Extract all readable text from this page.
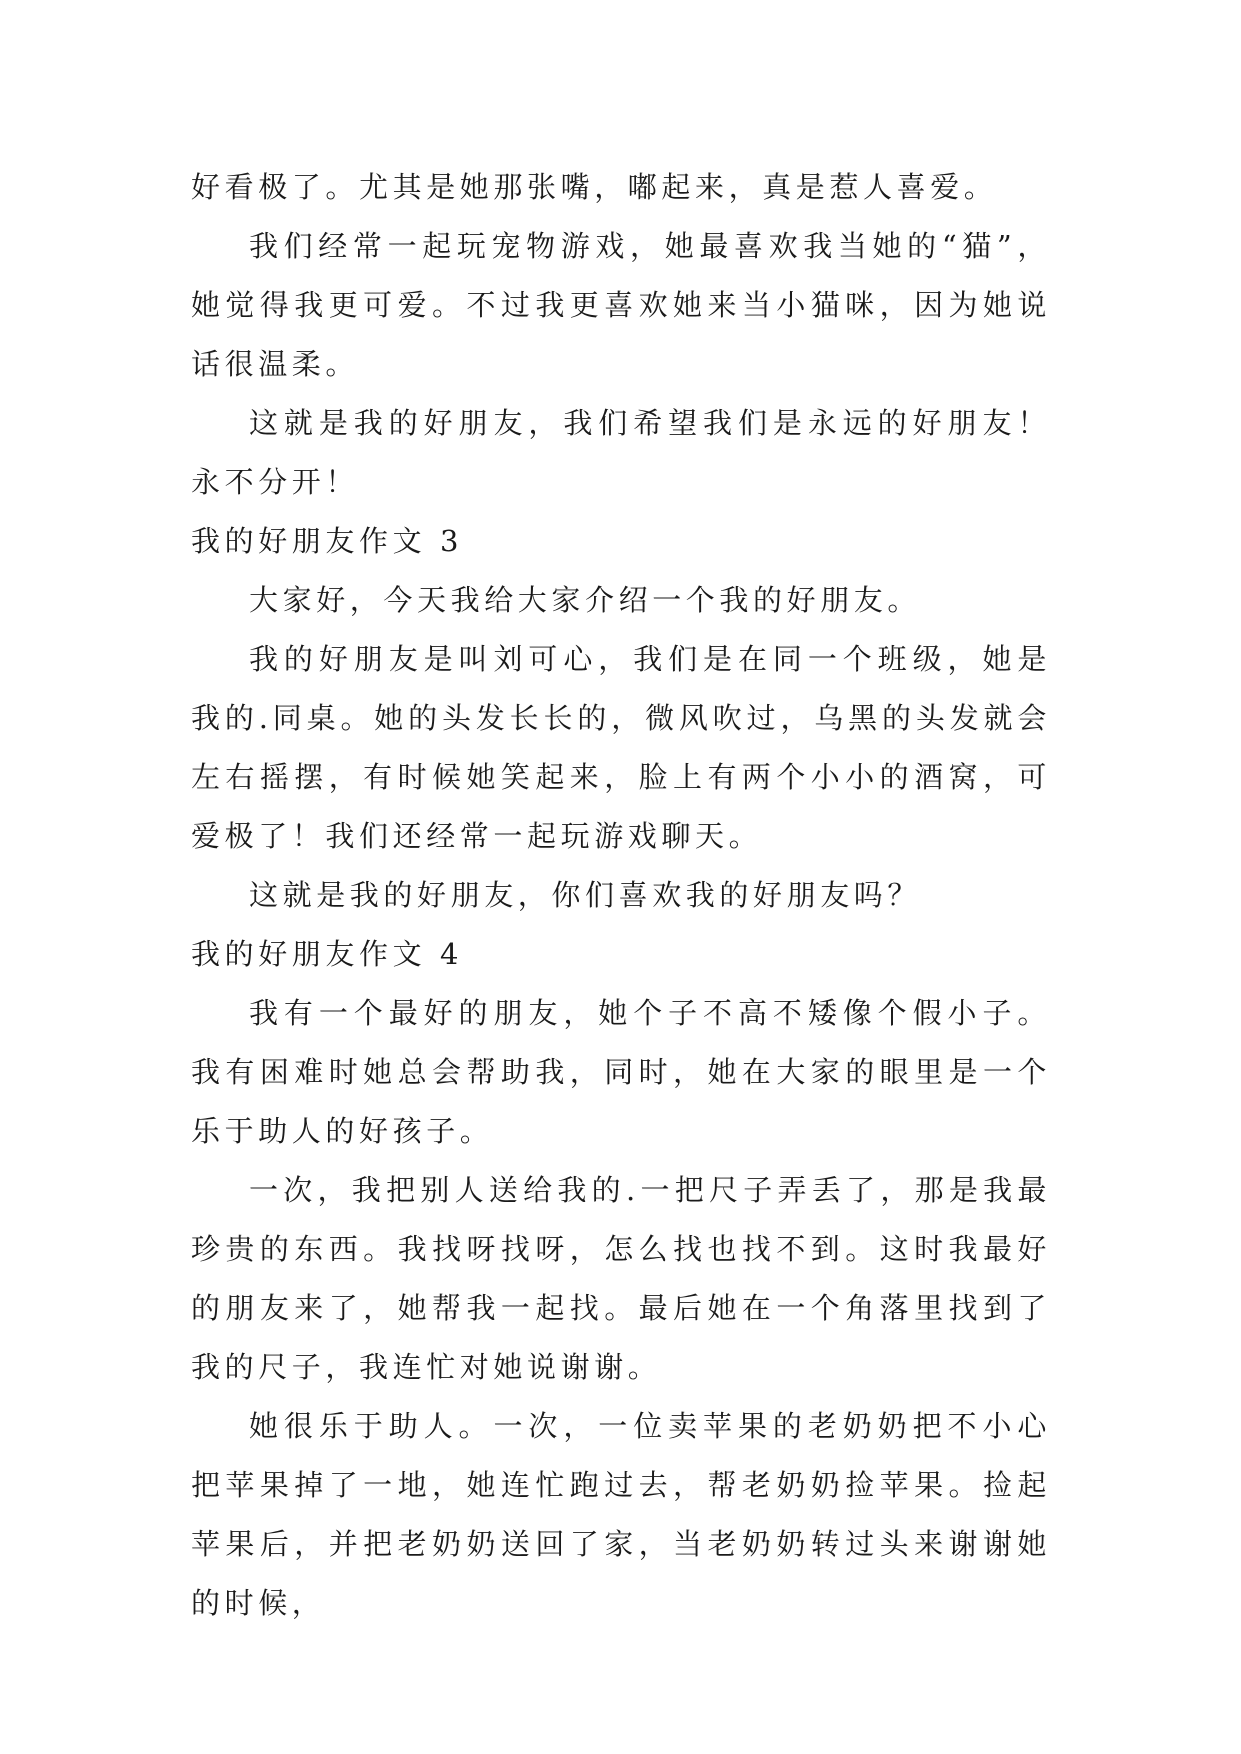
好看极了。尤其是她那张嘴，嘟起来，真是惹人喜爱。

我们经常一起玩宠物游戏，她最喜欢我当她的“猫”，她觉得我更可爱。不过我更喜欢她来当小猫咪，因为她说话很温柔。

这就是我的好朋友，我们希望我们是永远的好朋友！永不分开！

我的好朋友作文 3

大家好，今天我给大家介绍一个我的好朋友。

我的好朋友是叫刘可心，我们是在同一个班级，她是我的.同桌。她的头发长长的，微风吹过，乌黑的头发就会左右摇摆，有时候她笑起来，脸上有两个小小的酒窝，可爱极了！我们还经常一起玩游戏聊天。

这就是我的好朋友，你们喜欢我的好朋友吗？

我的好朋友作文 4

我有一个最好的朋友，她个子不高不矮像个假小子。我有困难时她总会帮助我，同时，她在大家的眼里是一个乐于助人的好孩子。

一次，我把别人送给我的.一把尺子弄丢了，那是我最珍贵的东西。我找呀找呀，怎么找也找不到。这时我最好的朋友来了，她帮我一起找。最后她在一个角落里找到了我的尺子，我连忙对她说谢谢。

她很乐于助人。一次，一位卖苹果的老奶奶把不小心把苹果掉了一地，她连忙跑过去，帮老奶奶捡苹果。捡起苹果后，并把老奶奶送回了家，当老奶奶转过头来谢谢她的时候，
